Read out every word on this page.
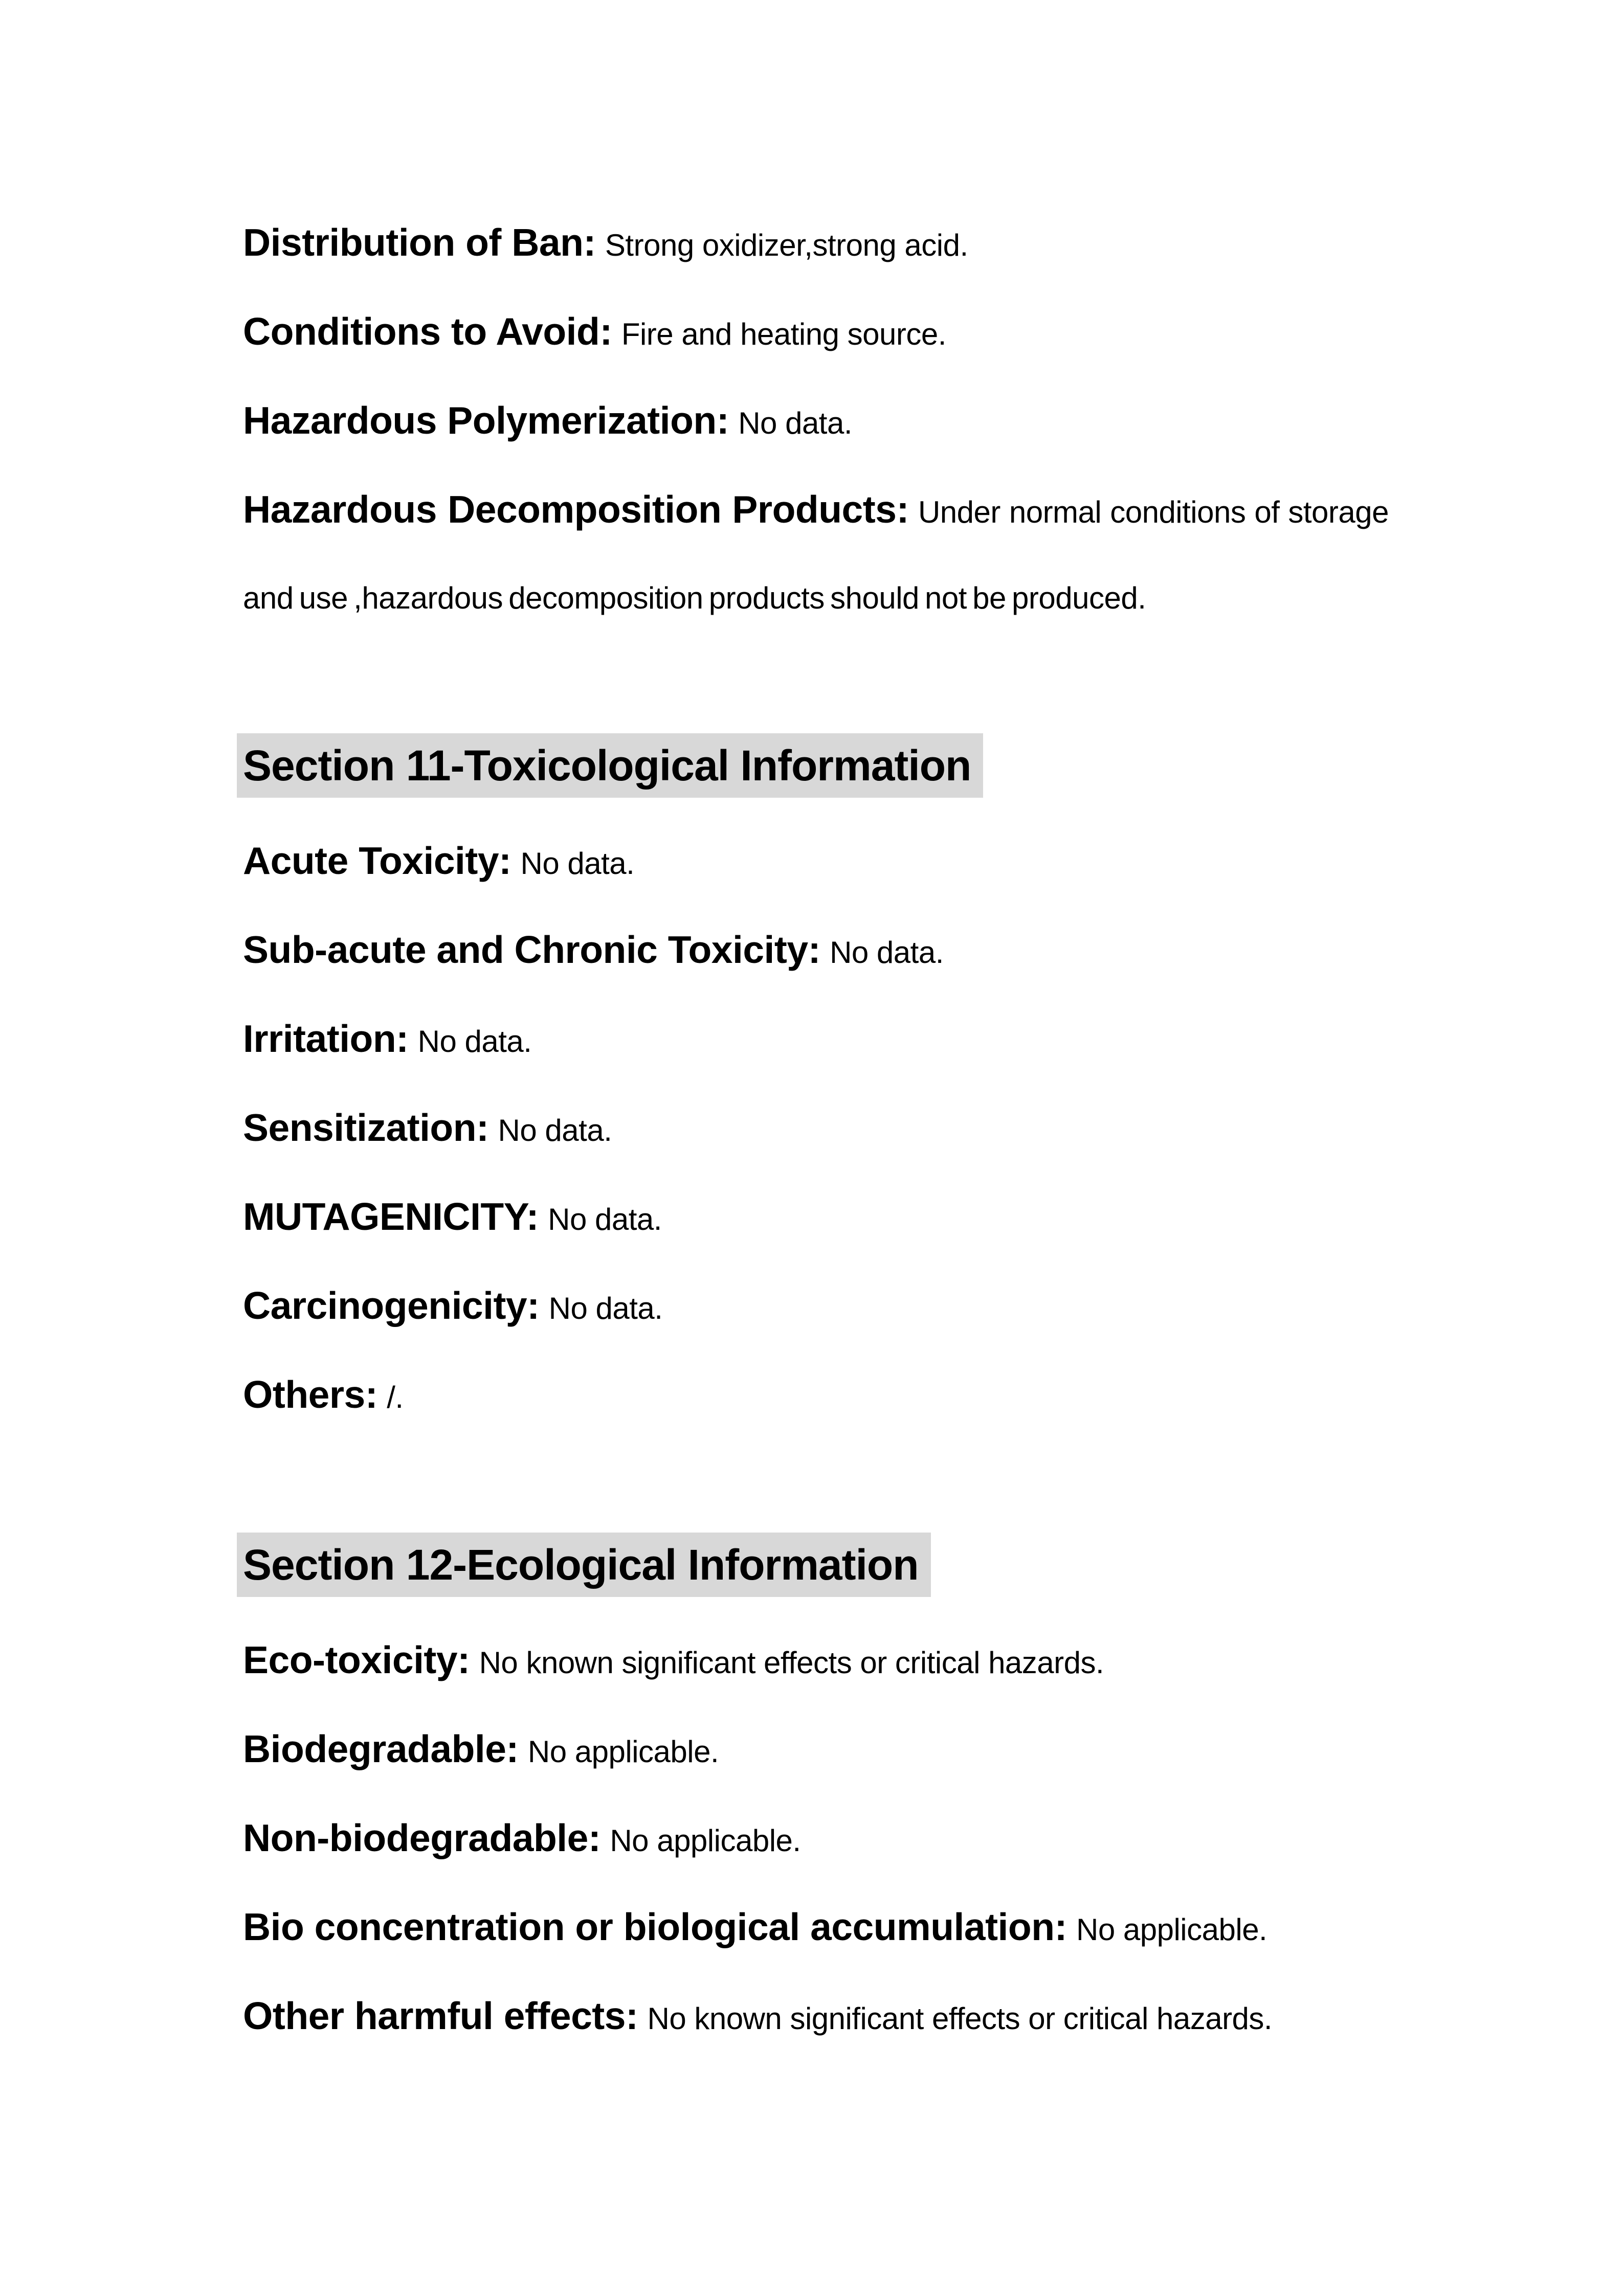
Distribution of Ban: Strong oxidizer,strong acid.

Conditions to Avoid: Fire and heating source.

Hazardous Polymerization: No data.

Hazardous Decomposition Products: Under normal conditions of storage and use ,hazardous decomposition products should not be produced.

Section 11-Toxicological Information

Acute Toxicity: No data.

Sub-acute and Chronic Toxicity: No data.

Irritation: No data.

Sensitization: No data.

MUTAGENICITY: No data.

Carcinogenicity: No data.

Others: /.

Section 12-Ecological Information

Eco-toxicity: No known significant effects or critical hazards.

Biodegradable: No applicable.

Non-biodegradable: No applicable.

Bio concentration or biological accumulation: No applicable.

Other harmful effects: No known significant effects or critical hazards.
